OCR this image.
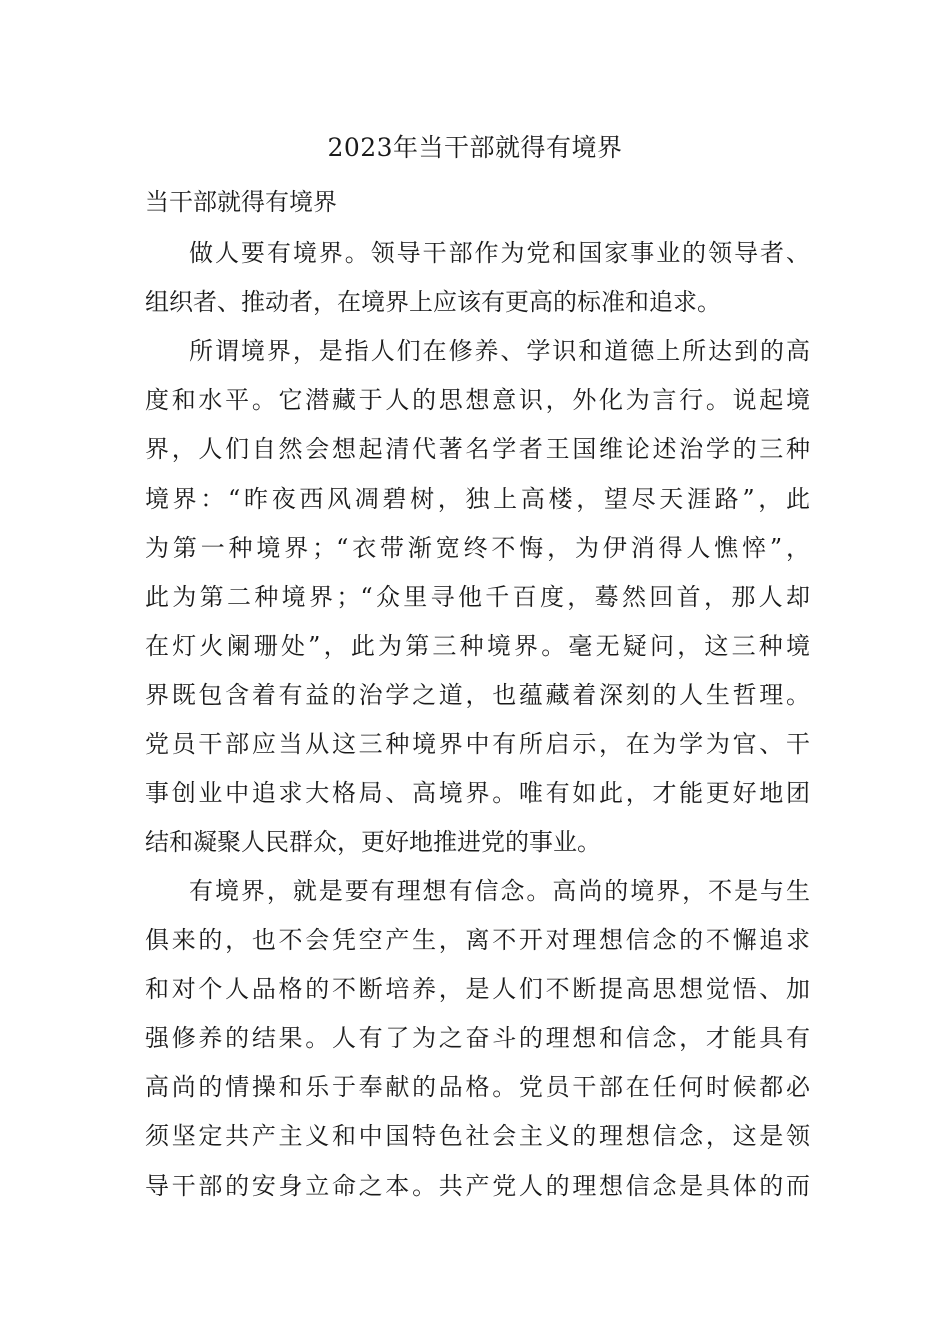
2023年当干部就得有境界
当干部就得有境界
做人要有境界。领导干部作为党和国家事业的领导者、
组织者、推动者，在境界上应该有更高的标准和追求。
所谓境界，是指人们在修养、学识和道德上所达到的高
度和水平。它潜藏于人的思想意识，外化为言行。说起境
界，人们自然会想起清代著名学者王国维论述治学的三种
境界：“昨夜西风凋碧树，独上高楼，望尽天涯路”，此
为第一种境界；“衣带渐宽终不悔，为伊消得人憔悴”，
此为第二种境界；“众里寻他千百度，蓦然回首，那人却
在灯火阑珊处”，此为第三种境界。毫无疑问，这三种境
界既包含着有益的治学之道，也蕴藏着深刻的人生哲理。
党员干部应当从这三种境界中有所启示，在为学为官、干
事创业中追求大格局、高境界。唯有如此，才能更好地团
结和凝聚人民群众，更好地推进党的事业。
有境界，就是要有理想有信念。高尚的境界，不是与生
俱来的，也不会凭空产生，离不开对理想信念的不懈追求
和对个人品格的不断培养，是人们不断提高思想觉悟、加
强修养的结果。人有了为之奋斗的理想和信念，才能具有
高尚的情操和乐于奉献的品格。党员干部在任何时候都必
须坚定共产主义和中国特色社会主义的理想信念，这是领
导干部的安身立命之本。共产党人的理想信念是具体的而
